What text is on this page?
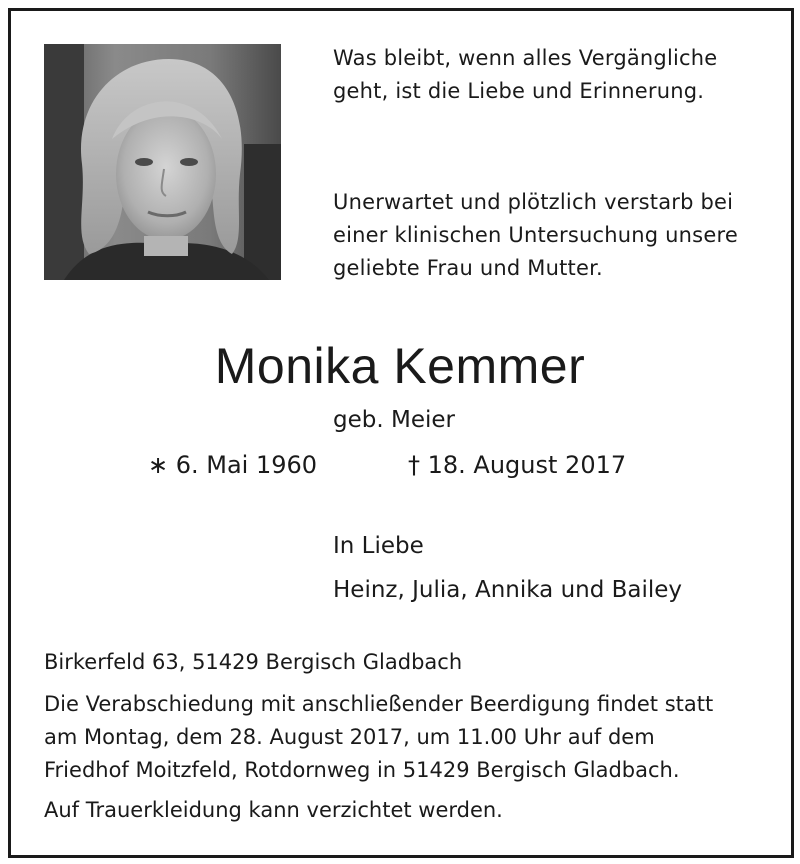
Was bleibt, wenn alles Vergängliche
geht, ist die Liebe und Erinnerung.
Unerwartet und plötzlich verstarb bei
einer klinischen Untersuchung unsere
geliebte Frau und Mutter.
Monika Kemmer
geb. Meier
∗ 6. Mai 1960	† 18. August 2017
In Liebe
Heinz, Julia, Annika und Bailey
Birkerfeld 63, 51429 Bergisch Gladbach
Die Verabschiedung mit anschließender Beerdigung findet statt
am Montag, dem 28. August 2017, um 11.00 Uhr auf dem
Friedhof Moitzfeld, Rotdornweg in 51429 Bergisch Gladbach.
Auf Trauerkleidung kann verzichtet werden.
